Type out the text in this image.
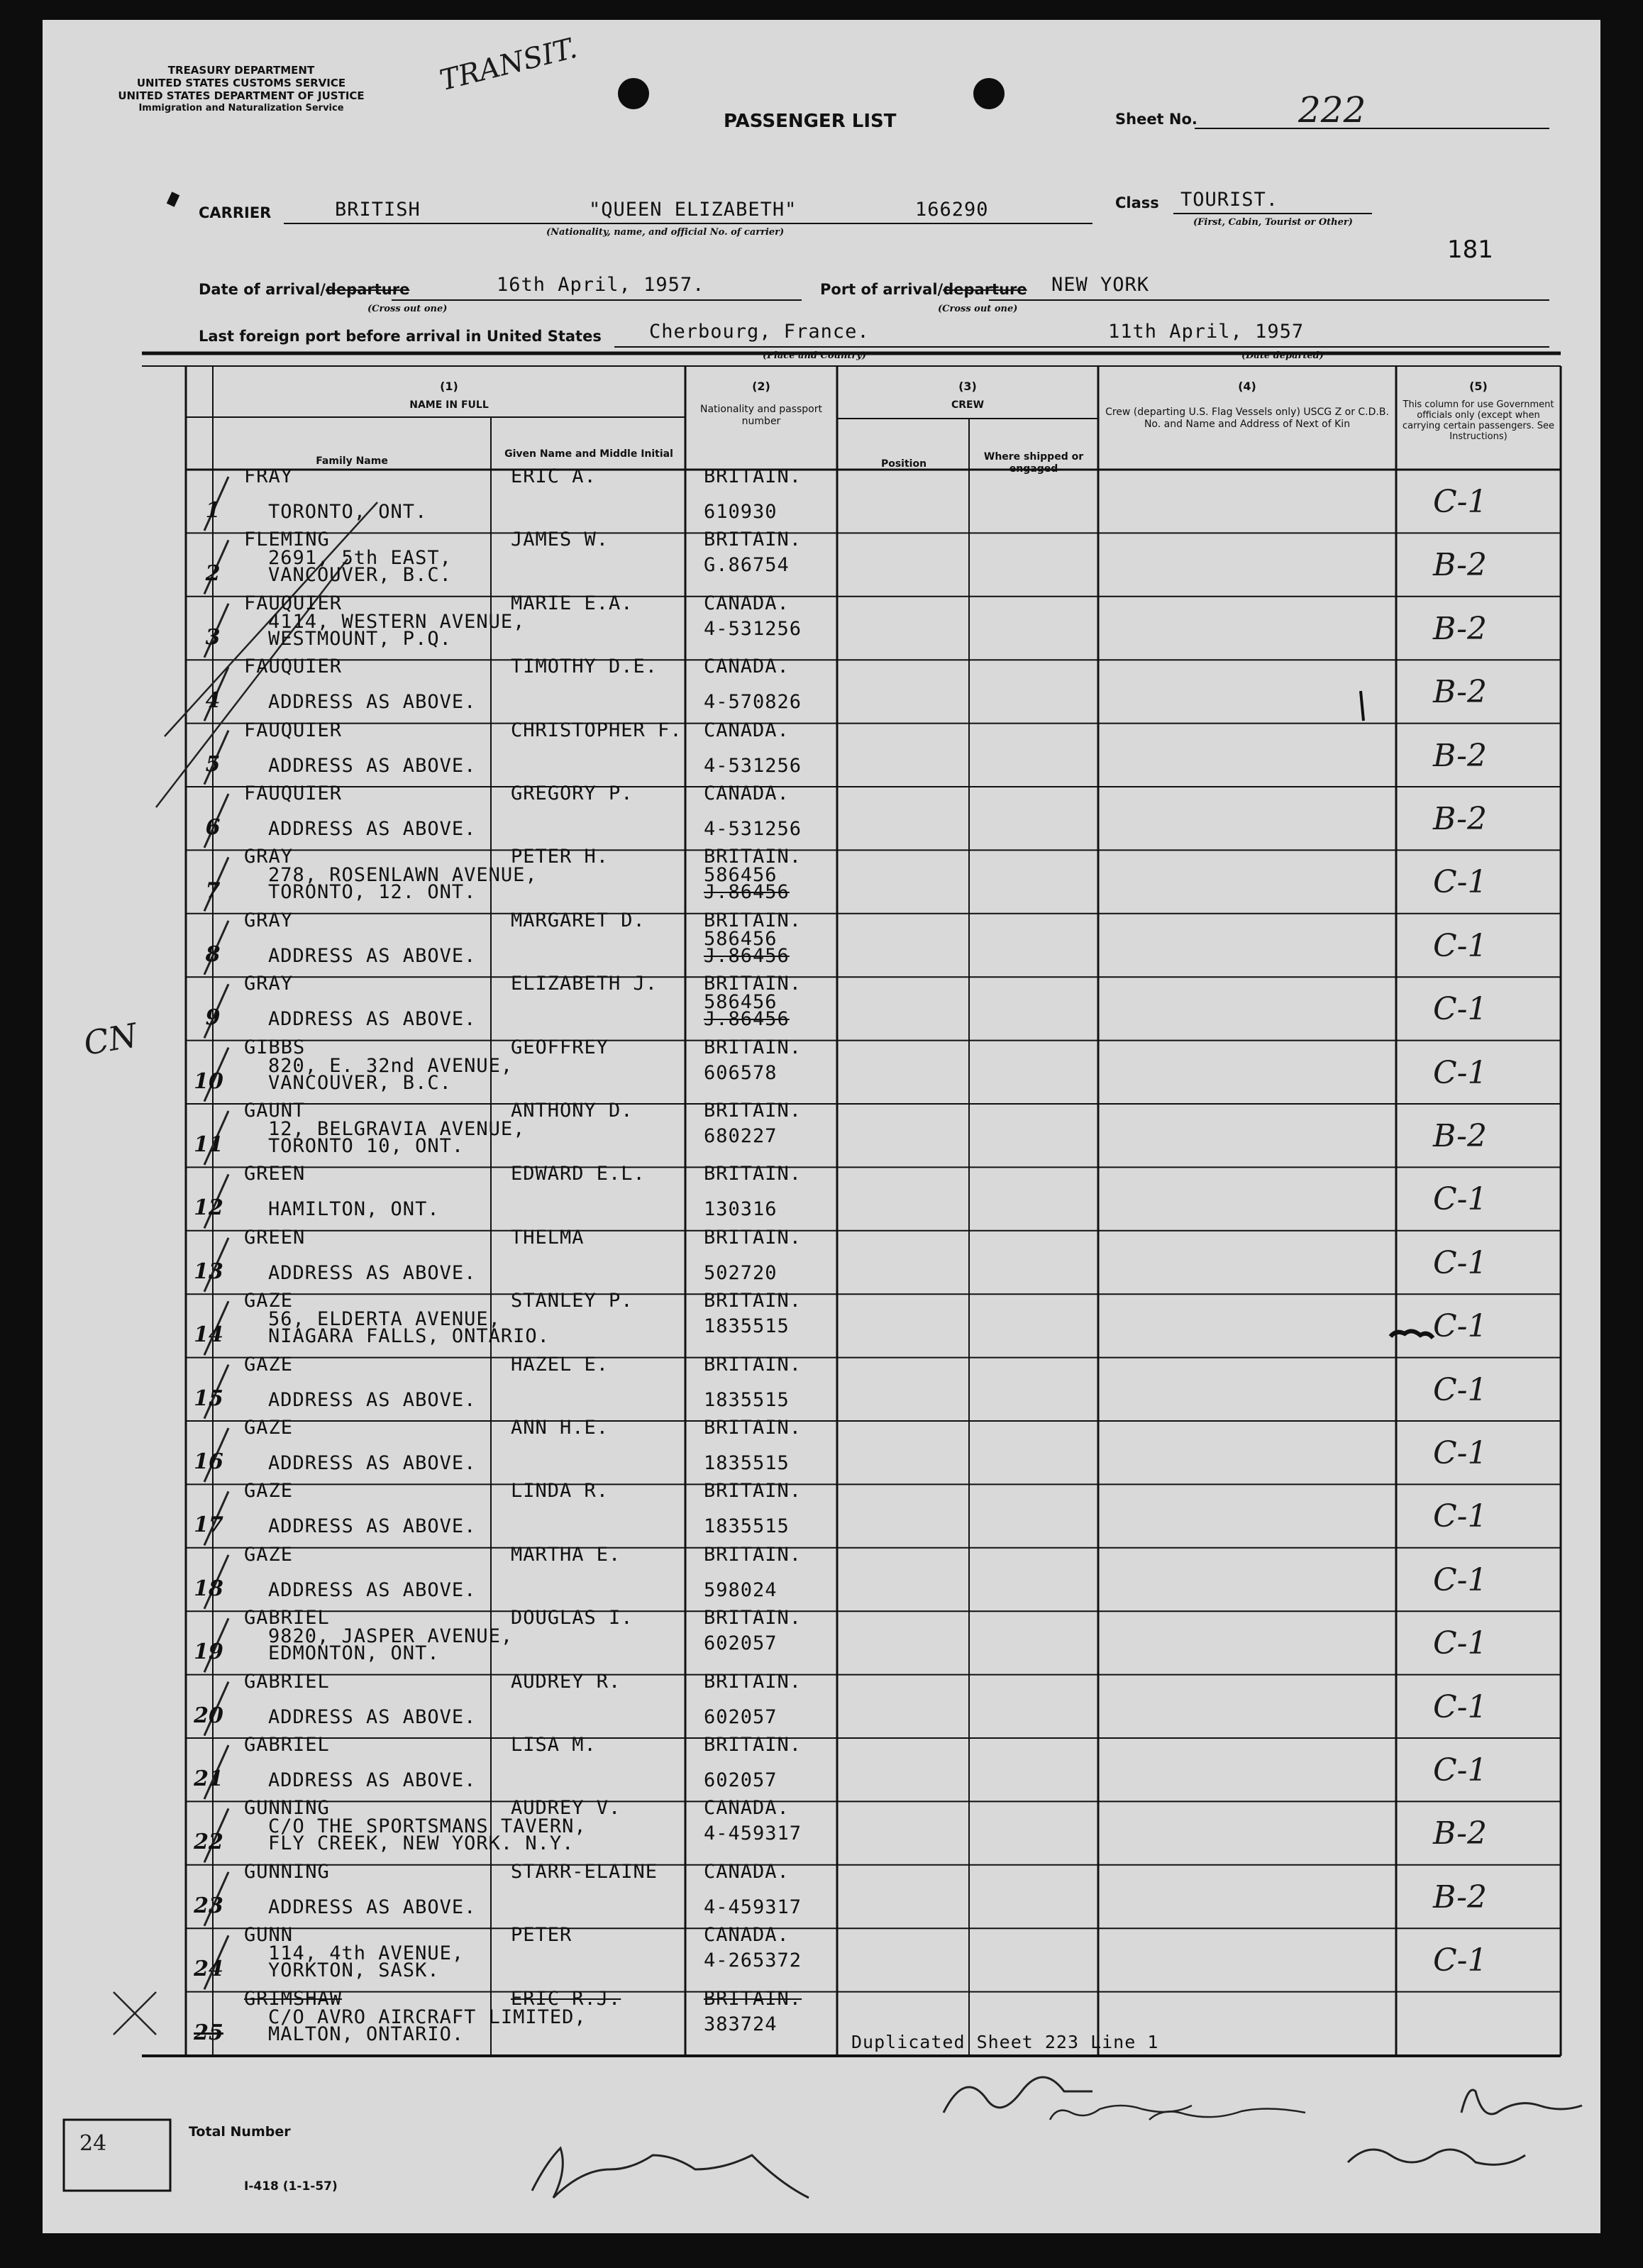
TREASURY DEPARTMENT
UNITED STATES CUSTOMS SERVICE
UNITED STATES DEPARTMENT OF JUSTICE
Immigration and Naturalization Service
TRANSIT.
PASSENGER LIST	Sheet No.	222
CARRIER	BRITISH	"QUEEN ELIZABETH"	166290
(Nationality, name, and official No. of carrier)
Class TOURIST.
(First, Cabin, Tourist or Other)
181
Date of arrival/departure	16th April, 1957.
(Cross out one)
Port of arrival/departure NEW YORK
(Cross out one)
Last foreign port before arrival in United States Cherbourg, France.
(Place and Country)
11th April, 1957
(Date departed)
(1)
NAME IN FULL
Family Name
Given Name and Middle Initial
(2)
Nationality and passport number
(3)
CREW
Position
Where shipped or engaged
(4)
Crew (departing U.S. Flag Vessels only) USCG Z or C.D.B. No. and Name and Address of Next of Kin
(5)
This column for use Government officials only (except when carrying certain passengers. See Instructions)
1
FRAY
TORONTO, ONT.
ERIC A.	BRITAIN.
610930	C-1
2
FLEMING
2691, 5th EAST,
VANCOUVER, B.C.
JAMES W.	BRITAIN.
G.86754	B-2
3
FAUQUIER
4114, WESTERN AVENUE,
WESTMOUNT, P.Q.
MARIE E.A.	CANADA.
4-531256	B-2
4
FAUQUIER
ADDRESS AS ABOVE.
TIMOTHY D.E. CANADA.
4-570826	B-2
5
FAUQUIER
ADDRESS AS ABOVE.
CHRISTOPHER F. CANADA.
4-531256	B-2
6
FAUQUIER
ADDRESS AS ABOVE.
GREGORY P.	CANADA.
4-531256	B-2
7
GRAY
278, ROSENLAWN AVENUE,
TORONTO, 12. ONT.
PETER H.	BRITAIN.
J.86456
586456	C-1
8
GRAY
ADDRESS AS ABOVE.
MARGARET D.	BRITAIN.
J.86456
586456	C-1
9
GRAY
ADDRESS AS ABOVE.
ELIZABETH J. BRITAIN.
J.86456
586456	C-1
10
GIBBS
820, E. 32nd AVENUE,
VANCOUVER, B.C.
GEOFFREY	BRITAIN.
606578	C-1
11
GAUNT
12, BELGRAVIA AVENUE,
TORONTO 10, ONT.
ANTHONY D.	BRITAIN.
680227	B-2
12
GREEN
HAMILTON, ONT.
EDWARD E.L.	BRITAIN.
130316	C-1
13
GREEN
ADDRESS AS ABOVE.
THELMA	BRITAIN.
502720	C-1
14
GAZE
56, ELDERTA AVENUE,
NIAGARA FALLS, ONTARIO.
STANLEY P.	BRITAIN.
1835515	C-1
15
GAZE
ADDRESS AS ABOVE.
HAZEL E.	BRITAIN.
1835515	C-1
16
GAZE
ADDRESS AS ABOVE.
ANN H.E.	BRITAIN.
1835515	C-1
17
GAZE
ADDRESS AS ABOVE.
LINDA R.	BRITAIN.
1835515	C-1
18
GAZE
ADDRESS AS ABOVE.
MARTHA E.	BRITAIN.
598024	C-1
19
GABRIEL
9820, JASPER AVENUE,
EDMONTON, ONT.
DOUGLAS I.	BRITAIN.
602057	C-1
20
GABRIEL
ADDRESS AS ABOVE.
AUDREY R.	BRITAIN.
602057	C-1
21
GABRIEL
ADDRESS AS ABOVE.
LISA M.	BRITAIN.
602057	C-1
22
GUNNING
C/O THE SPORTSMANS TAVERN,
FLY CREEK, NEW YORK. N.Y.
AUDREY V.	CANADA.
4-459317	B-2
23
GUNNING
ADDRESS AS ABOVE.
STARR-ELAINE CANADA.
4-459317	B-2
24
GUNN
114, 4th AVENUE,
YORKTON, SASK.
PETER	CANADA.
4-265372	C-1
25
GRIMSHAW
C/O AVRO AIRCRAFT LIMITED,
MALTON, ONTARIO.
ERIC R.J.	BRITAIN.
383724
CN
Duplicated Sheet 223 Line 1
24	Total Number
I-418 (1-1-57)
